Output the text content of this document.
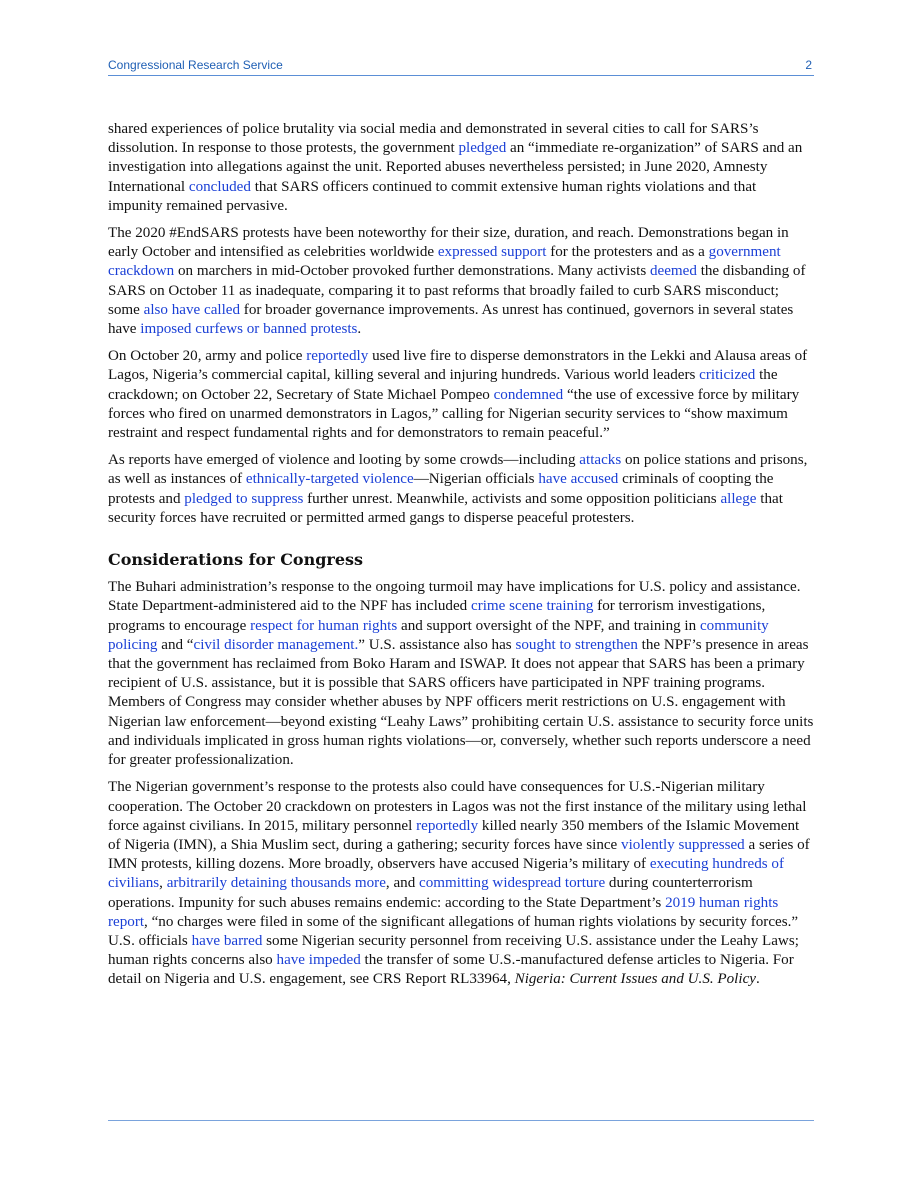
Congressional Research Service	2

shared experiences of police brutality via social media and demonstrated in several cities to call for SARS’s dissolution. In response to those protests, the government pledged an “immediate re-organization” of SARS and an investigation into allegations against the unit. Reported abuses nevertheless persisted; in June 2020, Amnesty International concluded that SARS officers continued to commit extensive human rights violations and that impunity remained pervasive.

The 2020 #EndSARS protests have been noteworthy for their size, duration, and reach. Demonstrations began in early October and intensified as celebrities worldwide expressed support for the protesters and as a government crackdown on marchers in mid-October provoked further demonstrations. Many activists deemed the disbanding of SARS on October 11 as inadequate, comparing it to past reforms that broadly failed to curb SARS misconduct; some also have called for broader governance improvements. As unrest has continued, governors in several states have imposed curfews or banned protests.

On October 20, army and police reportedly used live fire to disperse demonstrators in the Lekki and Alausa areas of Lagos, Nigeria’s commercial capital, killing several and injuring hundreds. Various world leaders criticized the crackdown; on October 22, Secretary of State Michael Pompeo condemned “the use of excessive force by military forces who fired on unarmed demonstrators in Lagos,” calling for Nigerian security services to “show maximum restraint and respect fundamental rights and for demonstrators to remain peaceful.”

As reports have emerged of violence and looting by some crowds—including attacks on police stations and prisons, as well as instances of ethnically-targeted violence—Nigerian officials have accused criminals of coopting the protests and pledged to suppress further unrest. Meanwhile, activists and some opposition politicians allege that security forces have recruited or permitted armed gangs to disperse peaceful protesters.

Considerations for Congress

The Buhari administration’s response to the ongoing turmoil may have implications for U.S. policy and assistance. State Department-administered aid to the NPF has included crime scene training for terrorism investigations, programs to encourage respect for human rights and support oversight of the NPF, and training in community policing and “civil disorder management.” U.S. assistance also has sought to strengthen the NPF’s presence in areas that the government has reclaimed from Boko Haram and ISWAP. It does not appear that SARS has been a primary recipient of U.S. assistance, but it is possible that SARS officers have participated in NPF training programs. Members of Congress may consider whether abuses by NPF officers merit restrictions on U.S. engagement with Nigerian law enforcement—beyond existing “Leahy Laws” prohibiting certain U.S. assistance to security force units and individuals implicated in gross human rights violations—or, conversely, whether such reports underscore a need for greater professionalization.

The Nigerian government’s response to the protests also could have consequences for U.S.-Nigerian military cooperation. The October 20 crackdown on protesters in Lagos was not the first instance of the military using lethal force against civilians. In 2015, military personnel reportedly killed nearly 350 members of the Islamic Movement of Nigeria (IMN), a Shia Muslim sect, during a gathering; security forces have since violently suppressed a series of IMN protests, killing dozens. More broadly, observers have accused Nigeria’s military of executing hundreds of civilians, arbitrarily detaining thousands more, and committing widespread torture during counterterrorism operations. Impunity for such abuses remains endemic: according to the State Department’s 2019 human rights report, “no charges were filed in some of the significant allegations of human rights violations by security forces.” U.S. officials have barred some Nigerian security personnel from receiving U.S. assistance under the Leahy Laws; human rights concerns also have impeded the transfer of some U.S.-manufactured defense articles to Nigeria. For detail on Nigeria and U.S. engagement, see CRS Report RL33964, Nigeria: Current Issues and U.S. Policy.
